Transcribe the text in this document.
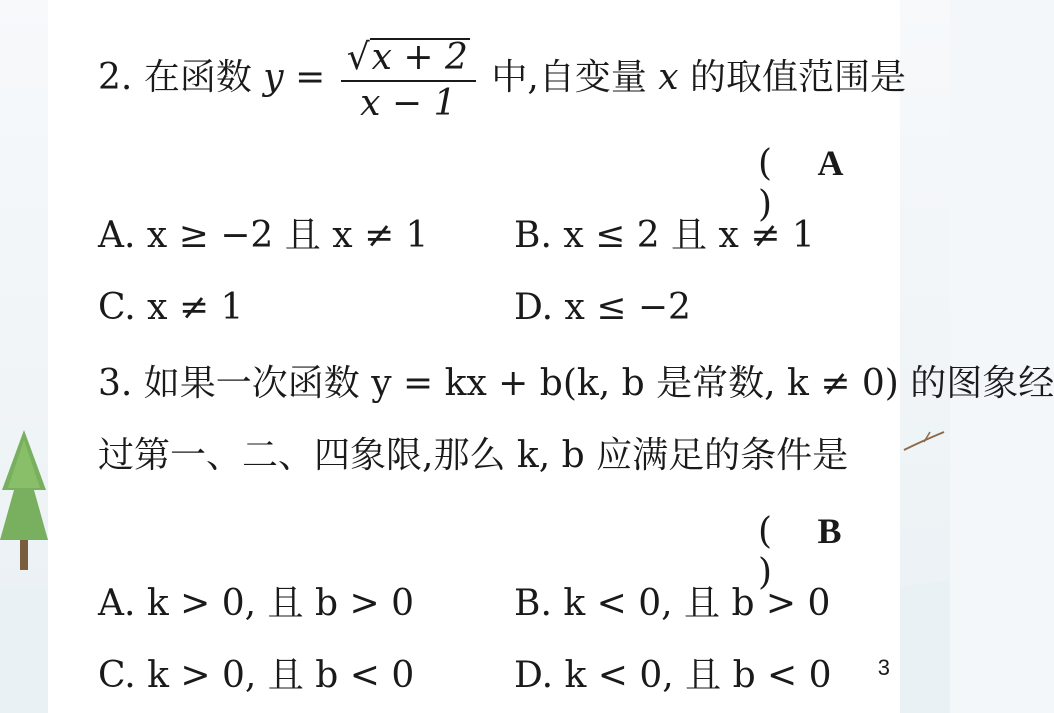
2. 在函数 $y = \frac{√x + 2}{x - 1}$ 中,自变量 x 的取值范围是
( A )
A. x ≥ −2 且 x ≠ 1 B. x ≤ 2 且 x ≠ 1
C. x ≠ 1	D. x ≤ −2
3. 如果一次函数 y = kx + b(k, b 是常数, k ≠ 0) 的图象经
过第一、二、四象限,那么 k, b 应满足的条件是
( B )
A. k > 0, 且 b > 0	B. k < 0, 且 b > 0
C. k > 0, 且 b < 0	D. k < 0, 且 b < 0 3
